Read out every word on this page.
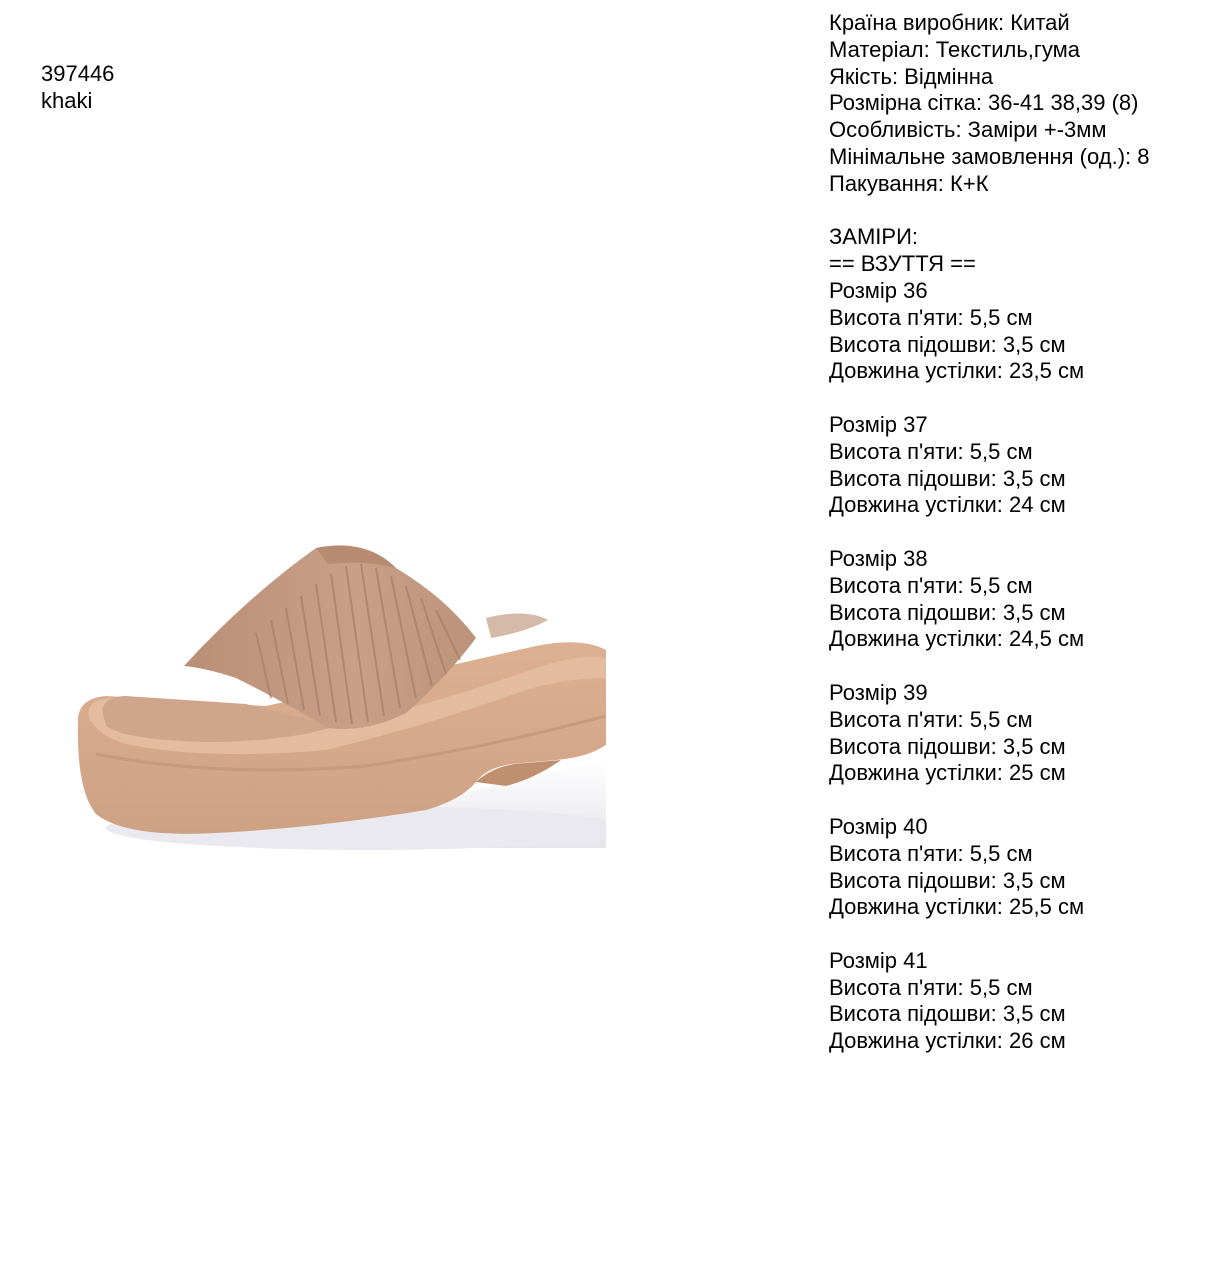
397446
khaki
Країна виробник: Китай
Матеріал: Текстиль,гума
Якість: Відмінна
Розмірна сітка: 36-41 38,39 (8)
Особливість: Заміри +-3мм
Мінімальне замовлення (од.): 8
Пакування: К+К
ЗАМІРИ:
== ВЗУТТЯ ==
Розмір 36
Висота п'яти: 5,5 см
Висота підошви: 3,5 см
Довжина устілки: 23,5 см
Розмір 37
Висота п'яти: 5,5 см
Висота підошви: 3,5 см
Довжина устілки: 24 см
Розмір 38
Висота п'яти: 5,5 см
Висота підошви: 3,5 см
Довжина устілки: 24,5 см
Розмір 39
Висота п'яти: 5,5 см
Висота підошви: 3,5 см
Довжина устілки: 25 см
Розмір 40
Висота п'яти: 5,5 см
Висота підошви: 3,5 см
Довжина устілки: 25,5 см
Розмір 41
Висота п'яти: 5,5 см
Висота підошви: 3,5 см
Довжина устілки: 26 см
